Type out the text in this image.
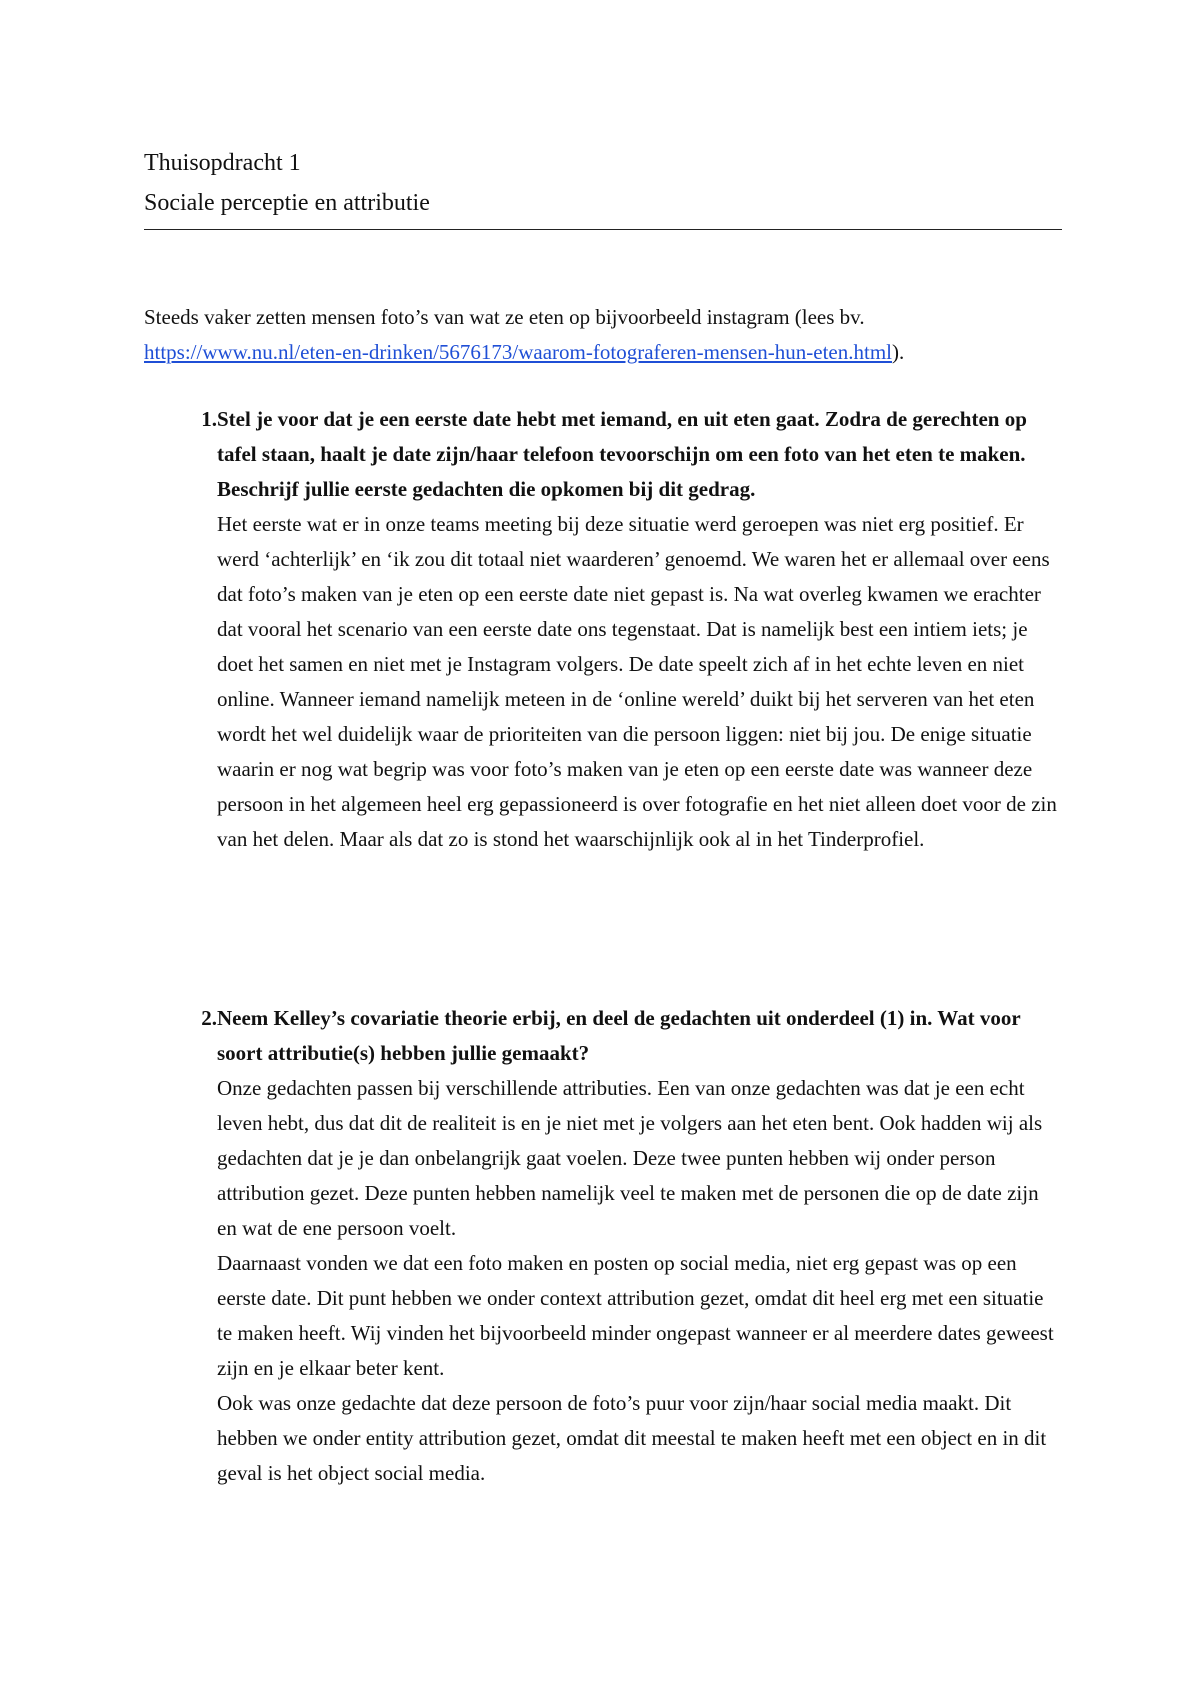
Thuisopdracht 1
Sociale perceptie en attributie
Steeds vaker zetten mensen foto’s van wat ze eten op bijvoorbeeld instagram (lees bv.
https://www.nu.nl/eten-en-drinken/5676173/waarom-fotograferen-mensen-hun-eten.html).
1. Stel je voor dat je een eerste date hebt met iemand, en uit eten gaat. Zodra de gerechten op tafel staan, haalt je date zijn/haar telefoon tevoorschijn om een foto van het eten te maken. Beschrijf jullie eerste gedachten die opkomen bij dit gedrag.

Het eerste wat er in onze teams meeting bij deze situatie werd geroepen was niet erg positief. Er werd ‘achterlijk’ en ‘ik zou dit totaal niet waarderen’ genoemd. We waren het er allemaal over eens dat foto’s maken van je eten op een eerste date niet gepast is. Na wat overleg kwamen we erachter dat vooral het scenario van een eerste date ons tegenstaat. Dat is namelijk best een intiem iets; je doet het samen en niet met je Instagram volgers. De date speelt zich af in het echte leven en niet online. Wanneer iemand namelijk meteen in de ‘online wereld’ duikt bij het serveren van het eten wordt het wel duidelijk waar de prioriteiten van die persoon liggen: niet bij jou. De enige situatie waarin er nog wat begrip was voor foto’s maken van je eten op een eerste date was wanneer deze persoon in het algemeen heel erg gepassioneerd is over fotografie en het niet alleen doet voor de zin van het delen. Maar als dat zo is stond het waarschijnlijk ook al in het Tinderprofiel.

2. Neem Kelley’s covariatie theorie erbij, en deel de gedachten uit onderdeel (1) in. Wat voor soort attributie(s) hebben jullie gemaakt?

Onze gedachten passen bij verschillende attributies. Een van onze gedachten was dat je een echt leven hebt, dus dat dit de realiteit is en je niet met je volgers aan het eten bent. Ook hadden wij als gedachten dat je je dan onbelangrijk gaat voelen. Deze twee punten hebben wij onder person attribution gezet. Deze punten hebben namelijk veel te maken met de personen die op de date zijn en wat de ene persoon voelt.

Daarnaast vonden we dat een foto maken en posten op social media, niet erg gepast was op een eerste date. Dit punt hebben we onder context attribution gezet, omdat dit heel erg met een situatie te maken heeft. Wij vinden het bijvoorbeeld minder ongepast wanneer er al meerdere dates geweest zijn en je elkaar beter kent.

Ook was onze gedachte dat deze persoon de foto’s puur voor zijn/haar social media maakt. Dit hebben we onder entity attribution gezet, omdat dit meestal te maken heeft met een object en in dit geval is het object social media.
